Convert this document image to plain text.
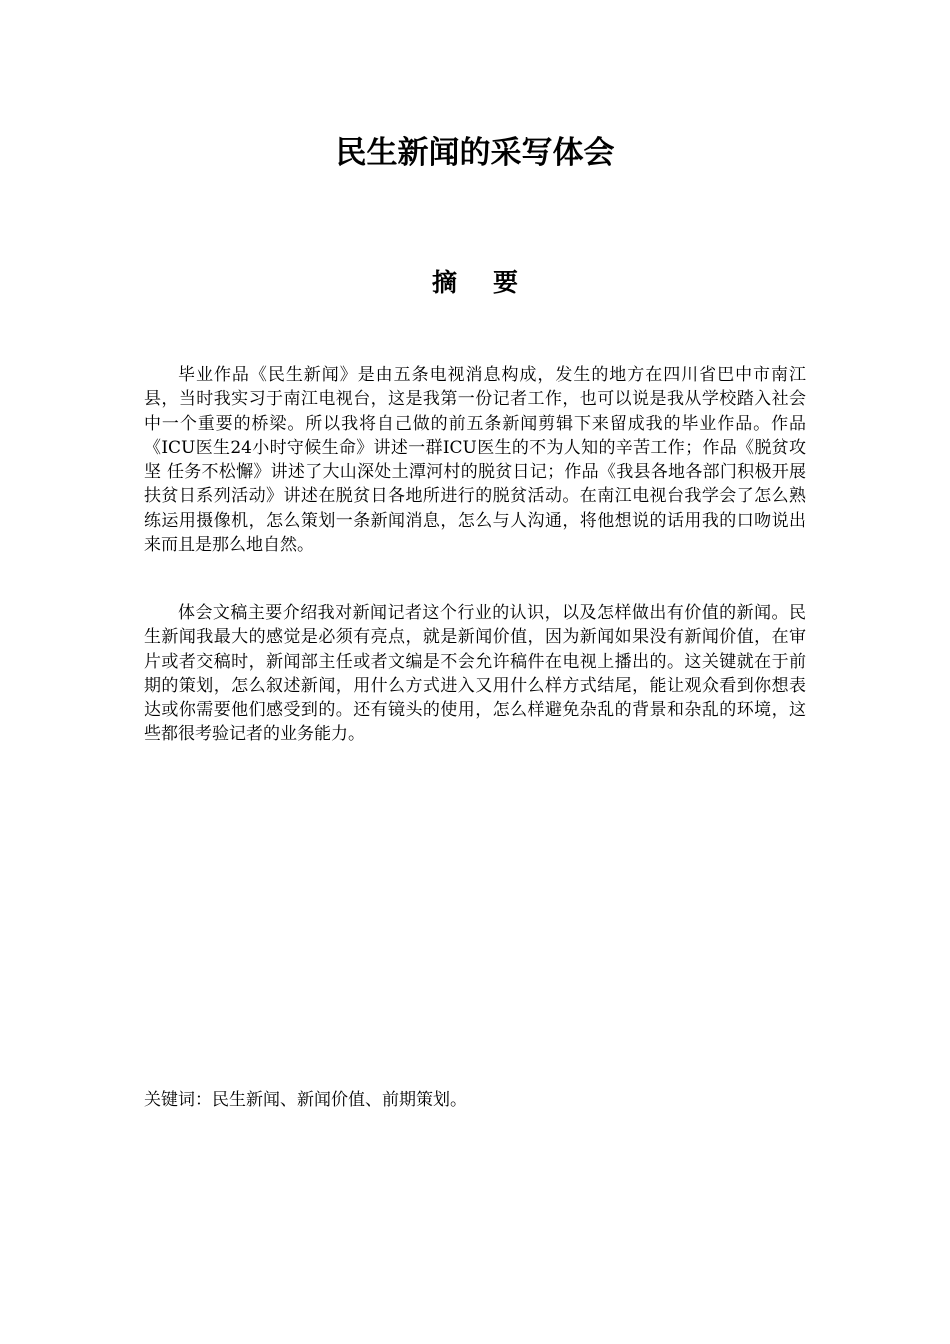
民生新闻的采写体会
摘要

毕业作品《民生新闻》是由五条电视消息构成，发生的地方在四川省巴中市南江县，当时我实习于南江电视台，这是我第一份记者工作，也可以说是我从学校踏入社会中一个重要的桥梁。所以我将自己做的前五条新闻剪辑下来留成我的毕业作品。作品《ICU医生24小时守候生命》讲述一群ICU医生的不为人知的辛苦工作；作品《脱贫攻坚 任务不松懈》讲述了大山深处土潭河村的脱贫日记；作品《我县各地各部门积极开展扶贫日系列活动》讲述在脱贫日各地所进行的脱贫活动。在南江电视台我学会了怎么熟练运用摄像机，怎么策划一条新闻消息，怎么与人沟通，将他想说的话用我的口吻说出来而且是那么地自然。

体会文稿主要介绍我对新闻记者这个行业的认识，以及怎样做出有价值的新闻。民生新闻我最大的感觉是必须有亮点，就是新闻价值，因为新闻如果没有新闻价值，在审片或者交稿时，新闻部主任或者文编是不会允许稿件在电视上播出的。这关键就在于前期的策划，怎么叙述新闻，用什么方式进入又用什么样方式结尾，能让观众看到你想表达或你需要他们感受到的。还有镜头的使用，怎么样避免杂乱的背景和杂乱的环境，这些都很考验记者的业务能力。

关键词：民生新闻、新闻价值、前期策划。
